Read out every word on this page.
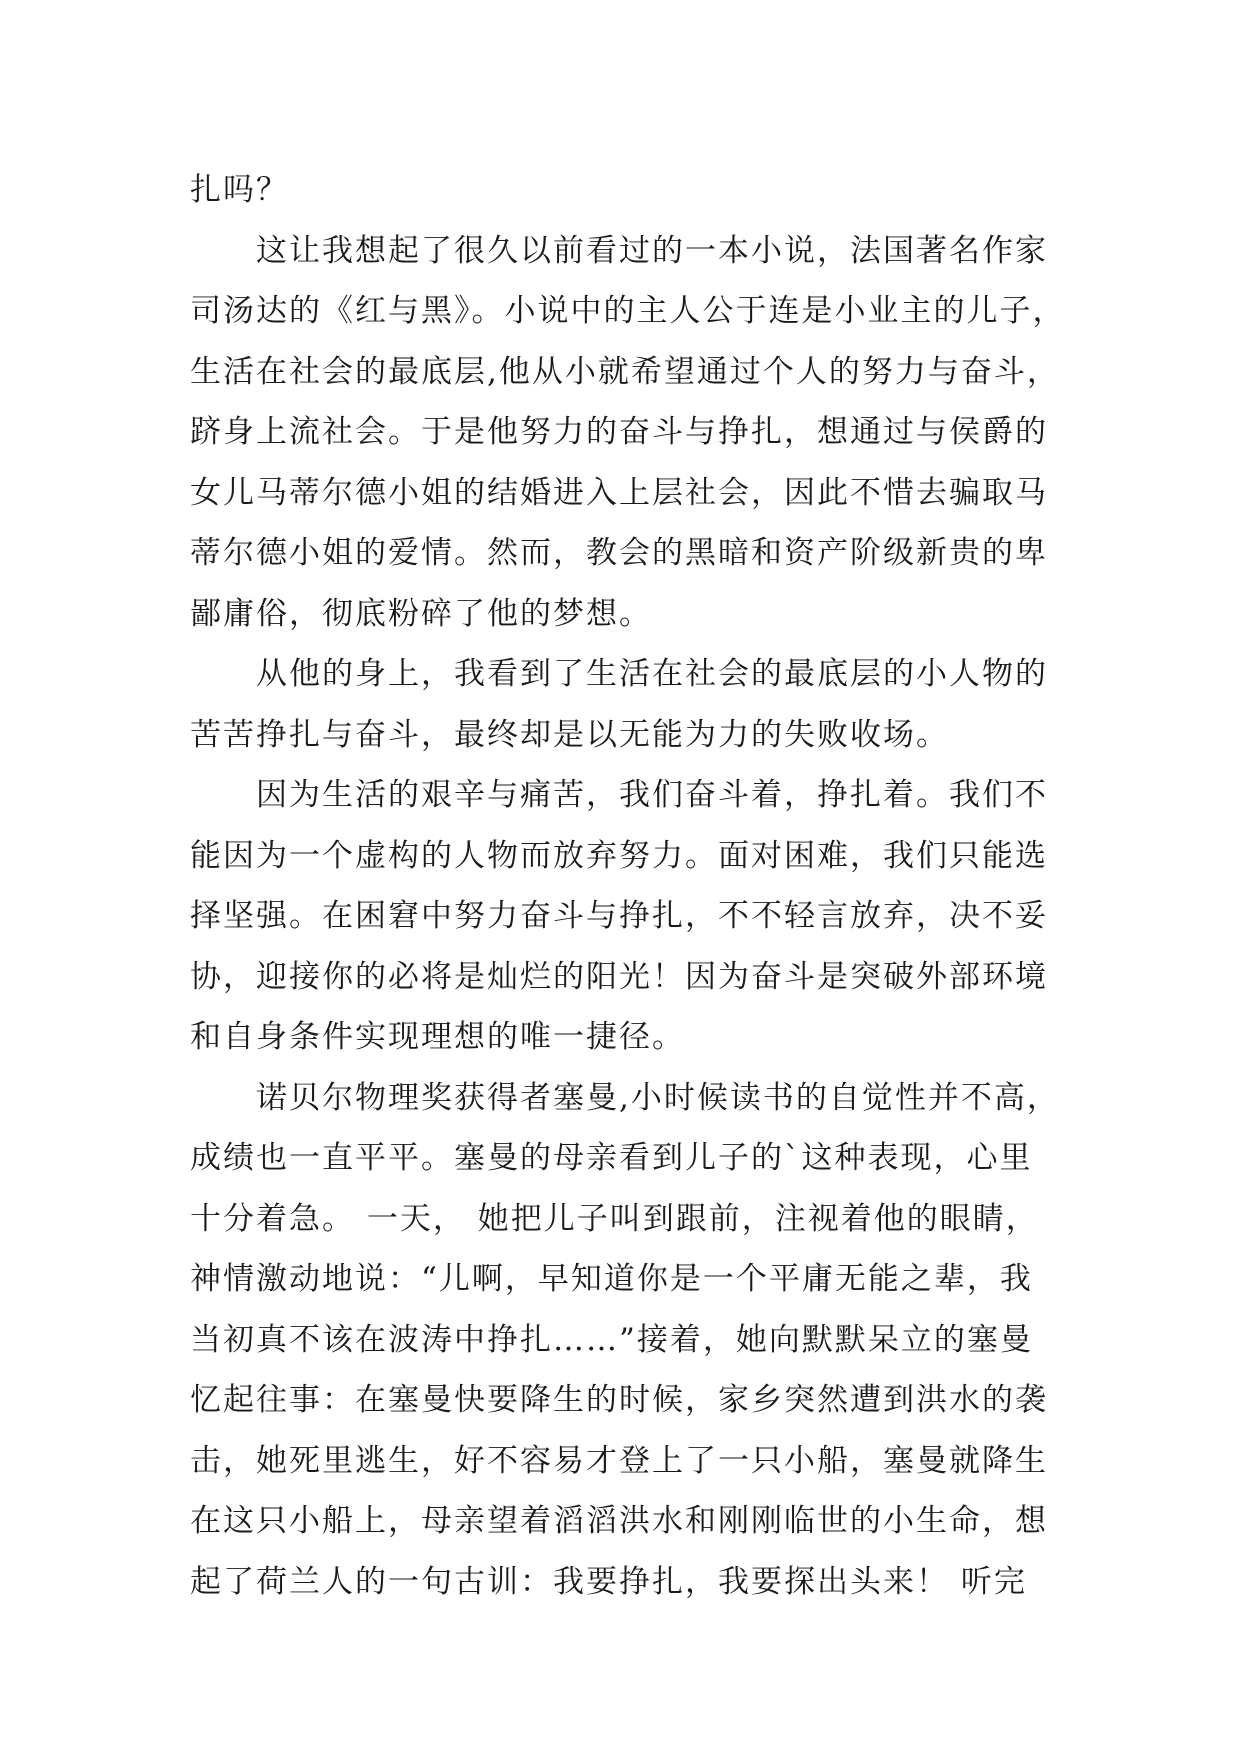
扎吗？
　　这让我想起了很久以前看过的一本小说，法国著名作家
司汤达的《红与黑》。小说中的主人公于连是小业主的儿子，
生活在社会的最底层,他从小就希望通过个人的努力与奋斗，
跻身上流社会。于是他努力的奋斗与挣扎，想通过与侯爵的
女儿马蒂尔德小姐的结婚进入上层社会，因此不惜去骗取马
蒂尔德小姐的爱情。然而，教会的黑暗和资产阶级新贵的卑
鄙庸俗，彻底粉碎了他的梦想。
　　从他的身上，我看到了生活在社会的最底层的小人物的
苦苦挣扎与奋斗，最终却是以无能为力的失败收场。
　　因为生活的艰辛与痛苦，我们奋斗着，挣扎着。我们不
能因为一个虚构的人物而放弃努力。面对困难，我们只能选
择坚强。在困窘中努力奋斗与挣扎，不不轻言放弃，决不妥
协，迎接你的必将是灿烂的阳光！因为奋斗是突破外部环境
和自身条件实现理想的唯一捷径。
　　诺贝尔物理奖获得者塞曼,小时候读书的自觉性并不高，
成绩也一直平平。塞曼的母亲看到儿子的`这种表现，心里
十分着急。 一天， 她把儿子叫到跟前，注视着他的眼睛，
神情激动地说：“儿啊，早知道你是一个平庸无能之辈，我
当初真不该在波涛中挣扎……”接着，她向默默呆立的塞曼
忆起往事：在塞曼快要降生的时候，家乡突然遭到洪水的袭
击，她死里逃生，好不容易才登上了一只小船，塞曼就降生
在这只小船上，母亲望着滔滔洪水和刚刚临世的小生命，想
起了荷兰人的一句古训：我要挣扎，我要探出头来！ 听完
